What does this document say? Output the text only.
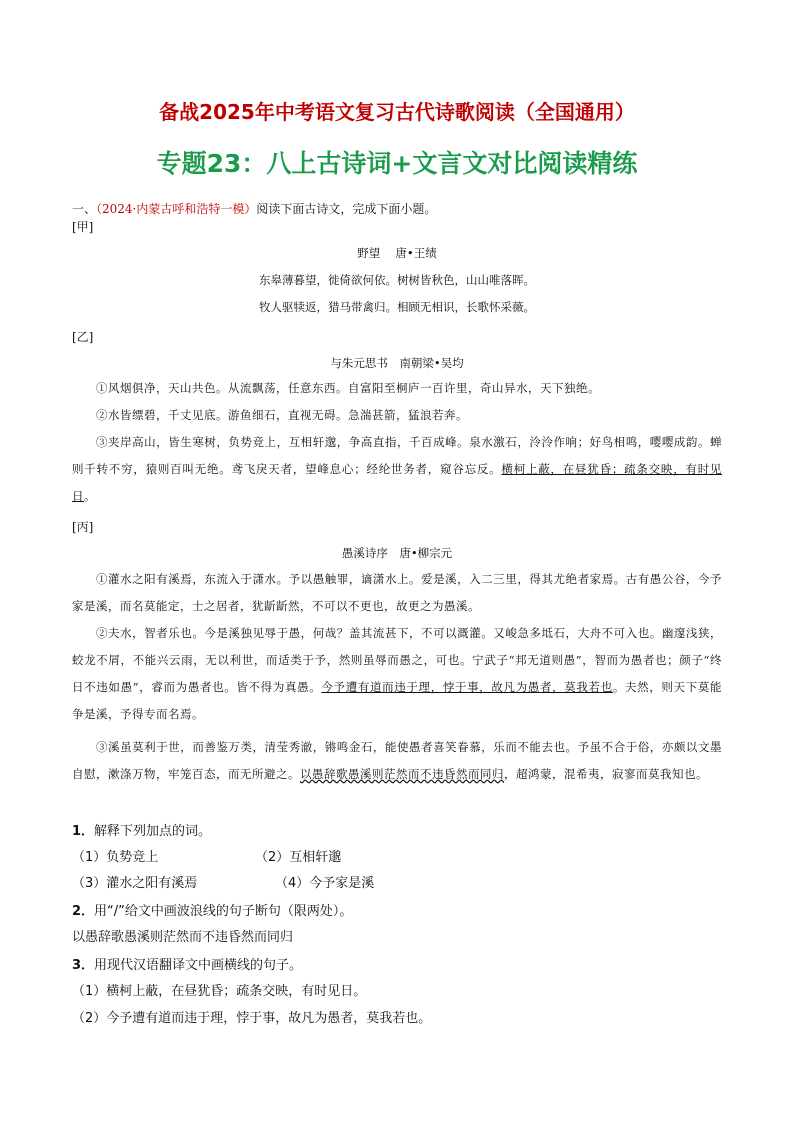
备战2025年中考语文复习古代诗歌阅读（全国通用）
专题23：八上古诗词+文言文对比阅读精练
一、（2024·内蒙古呼和浩特一模）阅读下面古诗文，完成下面小题。
[甲]
野望　 唐•王绩
东皋薄暮望，徙倚欲何依。树树皆秋色，山山唯落晖。
牧人驱犊返，猎马带禽归。相顾无相识，长歌怀采薇。
[乙]
与朱元思书　南朝梁•吴均
①风烟俱净，天山共色。从流飘荡，任意东西。自富阳至桐庐一百许里，奇山异水，天下独绝。
②水皆缥碧，千丈见底。游鱼细石，直视无碍。急湍甚箭，猛浪若奔。
③夹岸高山，皆生寒树，负势竞上，互相轩邈，争高直指，千百成峰。泉水激石，泠泠作响；好鸟相鸣，嘤嘤成韵。蝉则千转不穷，猿则百叫无绝。鸢飞戾天者，望峰息心；经纶世务者，窥谷忘反。横柯上蔽，在昼犹昏；疏条交映，有时见日。
[丙]
愚溪诗序　唐•柳宗元
①灌水之阳有溪焉，东流入于潇水。予以愚触罪，谪潇水上。爱是溪，入二三里，得其尤绝者家焉。古有愚公谷，今予家是溪，而名莫能定，士之居者，犹龂龂然，不可以不更也，故更之为愚溪。
②夫水，智者乐也。今是溪独见辱于愚，何哉？盖其流甚下，不可以溉灌。又峻急多坻石，大舟不可入也。幽邃浅狭，蛟龙不屑，不能兴云雨，无以利世，而适类于予，然则虽辱而愚之，可也。宁武子“邦无道则愚”，智而为愚者也；颜子“终日不违如愚”，睿而为愚者也。皆不得为真愚。今予遭有道而违于理，悖于事，故凡为愚者，莫我若也。夫然，则天下莫能争是溪，予得专而名焉。
③溪虽莫利于世，而善鉴万类，清莹秀澈，锵鸣金石，能使愚者喜笑眷慕，乐而不能去也。予虽不合于俗，亦颇以文墨自慰，漱涤万物，牢笼百态，而无所避之。以愚辞歌愚溪则茫然而不违昏然而同归，超鸿蒙，混希夷，寂寥而莫我知也。
1．解释下列加点的词。
（1）负势竞上	（2）互相轩邈
（3）灌水之阳有溪焉	（4）今予家是溪
2．用“/”给文中画波浪线的句子断句（限两处）。
以愚辞歌愚溪则茫然而不违昏然而同归
3．用现代汉语翻译文中画横线的句子。
（1）横柯上蔽，在昼犹昏；疏条交映，有时见日。
（2）今予遭有道而违于理，悖于事，故凡为愚者，莫我若也。
